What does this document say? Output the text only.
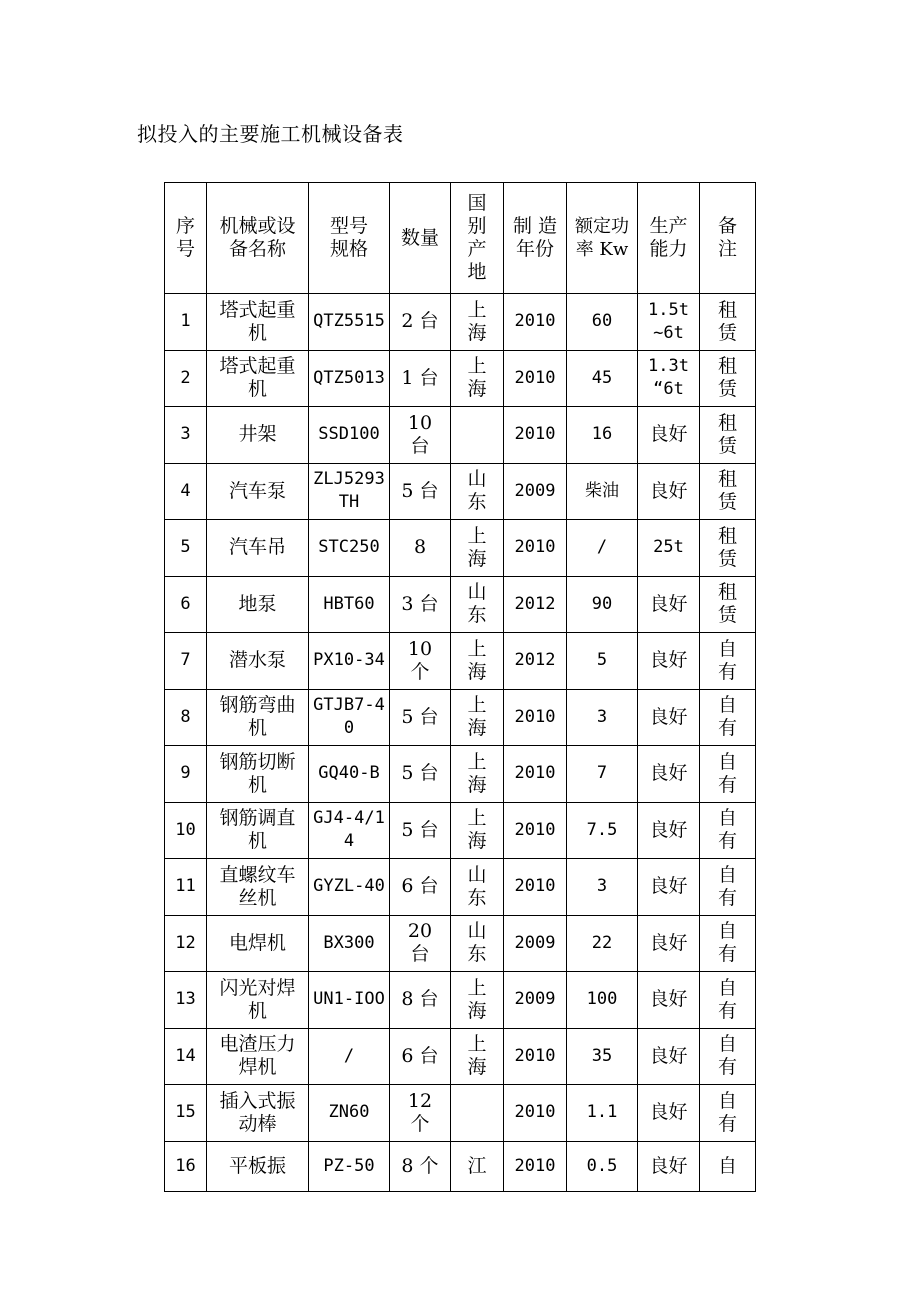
拟投入的主要施工机械设备表
序号	机械或设备名称	型号规格	数量	国别产地	制 造年份	额定功率 Kw	生产能力	备注

1	塔式起重机	QTZ5515	2 台	上海	2010	60	1.5t ~6t	租赁

2	塔式起重机	QTZ5013	1 台	上海	2010	45	1.3t “6t	租赁

3	井架	SSD100	10台		2010	16	良好	租赁

4	汽车泵	ZLJ5293TH	5 台	山东	2009	柴油	良好	租赁

5	汽车吊	STC250	8	上海	2010	/	25t	租赁

6	地泵	HBT60	3 台	山东	2012	90	良好	租赁

7	潜水泵	PX10-34	10个	上海	2012	5	良好	自有

8	钢筋弯曲机	GTJB7-40	5 台	上海	2010	3	良好	自有

9	钢筋切断机	GQ40-B	5 台	上海	2010	7	良好	自有

10	钢筋调直机	GJ4-4/14	5 台	上海	2010	7.5	良好	自有

11	直螺纹车丝机	GYZL-40	6 台	山东	2010	3	良好	自有

12	电焊机	BX300	20台	山东	2009	22	良好	自有

13	闪光对焊机	UN1-IOO	8 台	上海	2009	100	良好	自有

14	电渣压力焊机	/	6 台	上海	2010	35	良好	自有

15	插入式振动棒	ZN60	12个		2010	1.1	良好	自有

16	平板振	PZ-50	8 个	江	2010	0.5	良好	自
